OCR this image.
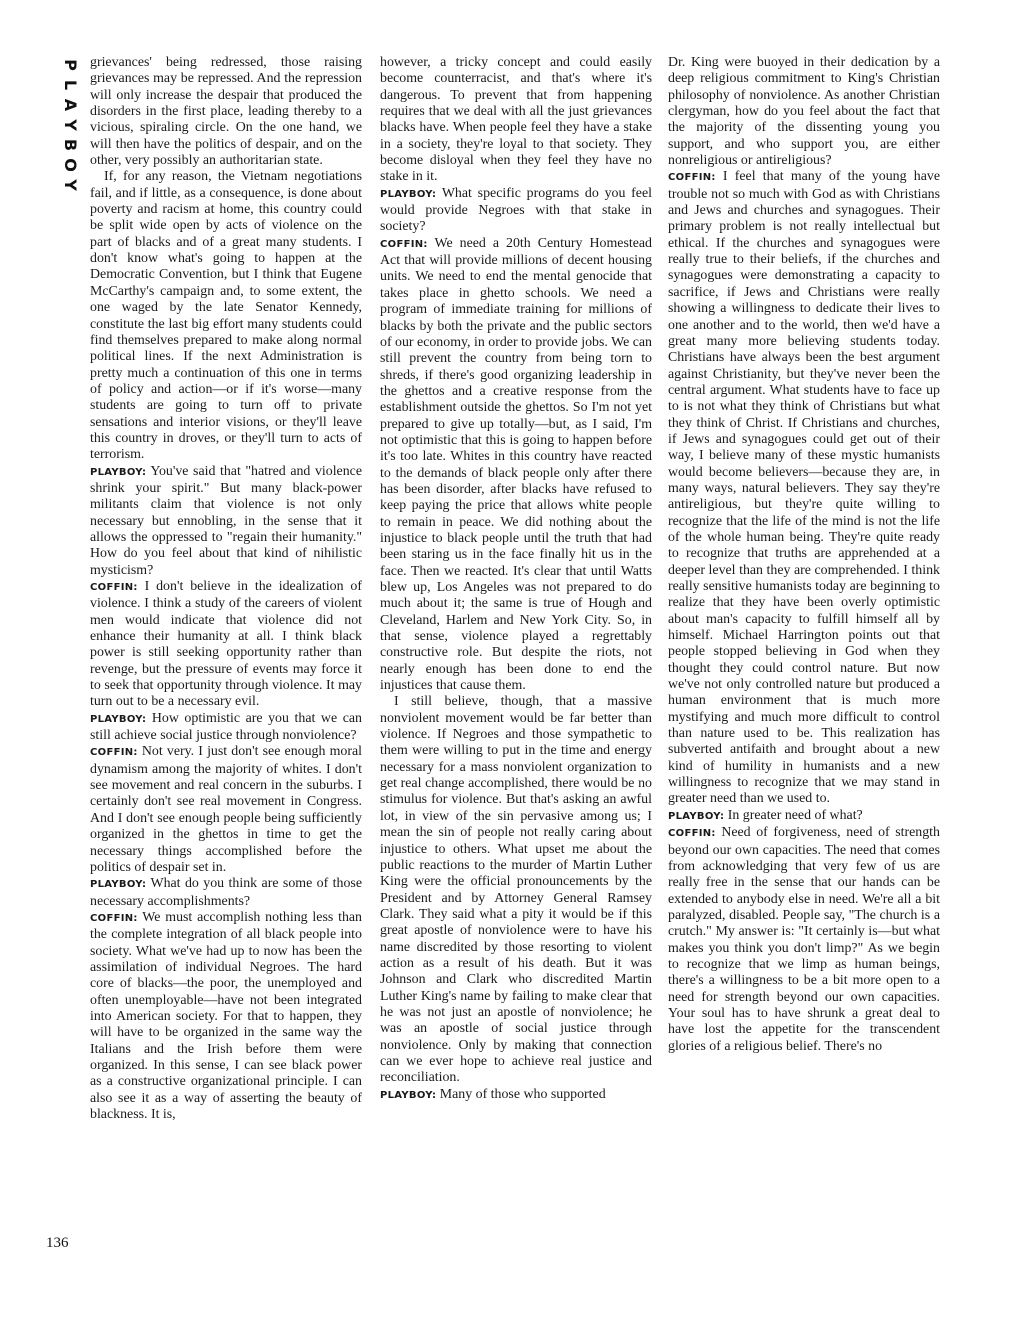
P
L
A
Y
B
O
Y
136

grievances' being redressed, those raising grievances may be repressed. And the repression will only increase the despair that produced the disorders in the first place, leading thereby to a vicious, spiraling circle. On the one hand, we will then have the politics of despair, and on the other, very possibly an authoritarian state.

If, for any reason, the Vietnam negotiations fail, and if little, as a consequence, is done about poverty and racism at home, this country could be split wide open by acts of violence on the part of blacks and of a great many students. I don't know what's going to happen at the Democratic Convention, but I think that Eugene McCarthy's campaign and, to some extent, the one waged by the late Senator Kennedy, constitute the last big effort many students could find themselves prepared to make along normal political lines. If the next Administration is pretty much a continuation of this one in terms of policy and action—or if it's worse—many students are going to turn off to private sensations and interior visions, or they'll leave this country in droves, or they'll turn to acts of terrorism.

PLAYBOY: You've said that "hatred and violence shrink your spirit." But many black-power militants claim that violence is not only necessary but ennobling, in the sense that it allows the oppressed to "regain their humanity." How do you feel about that kind of nihilistic mysticism?

COFFIN: I don't believe in the idealization of violence. I think a study of the careers of violent men would indicate that violence did not enhance their humanity at all. I think black power is still seeking opportunity rather than revenge, but the pressure of events may force it to seek that opportunity through violence. It may turn out to be a necessary evil.

PLAYBOY: How optimistic are you that we can still achieve social justice through nonviolence?

COFFIN: Not very. I just don't see enough moral dynamism among the majority of whites. I don't see movement and real concern in the suburbs. I certainly don't see real movement in Congress. And I don't see enough people being sufficiently organized in the ghettos in time to get the necessary things accomplished before the politics of despair set in.

PLAYBOY: What do you think are some of those necessary accomplishments?

COFFIN: We must accomplish nothing less than the complete integration of all black people into society. What we've had up to now has been the assimilation of individual Negroes. The hard core of blacks—the poor, the unemployed and often unemployable—have not been integrated into American society. For that to happen, they will have to be organized in the same way the Italians and the Irish before them were organized. In this sense, I can see black power as a constructive organizational principle. I can also see it as a way of asserting the beauty of blackness. It is,

however, a tricky concept and could easily become counterracist, and that's where it's dangerous. To prevent that from happening requires that we deal with all the just grievances blacks have. When people feel they have a stake in a society, they're loyal to that society. They become disloyal when they feel they have no stake in it.

PLAYBOY: What specific programs do you feel would provide Negroes with that stake in society?

COFFIN: We need a 20th Century Homestead Act that will provide millions of decent housing units. We need to end the mental genocide that takes place in ghetto schools. We need a program of immediate training for millions of blacks by both the private and the public sectors of our economy, in order to provide jobs. We can still prevent the country from being torn to shreds, if there's good organizing leadership in the ghettos and a creative response from the establishment outside the ghettos. So I'm not yet prepared to give up totally—but, as I said, I'm not optimistic that this is going to happen before it's too late. Whites in this country have reacted to the demands of black people only after there has been disorder, after blacks have refused to keep paying the price that allows white people to remain in peace. We did nothing about the injustice to black people until the truth that had been staring us in the face finally hit us in the face. Then we reacted. It's clear that until Watts blew up, Los Angeles was not prepared to do much about it; the same is true of Hough and Cleveland, Harlem and New York City. So, in that sense, violence played a regrettably constructive role. But despite the riots, not nearly enough has been done to end the injustices that cause them.

I still believe, though, that a massive nonviolent movement would be far better than violence. If Negroes and those sympathetic to them were willing to put in the time and energy necessary for a mass nonviolent organization to get real change accomplished, there would be no stimulus for violence. But that's asking an awful lot, in view of the sin pervasive among us; I mean the sin of people not really caring about injustice to others. What upset me about the public reactions to the murder of Martin Luther King were the official pronouncements by the President and by Attorney General Ramsey Clark. They said what a pity it would be if this great apostle of nonviolence were to have his name discredited by those resorting to violent action as a result of his death. But it was Johnson and Clark who discredited Martin Luther King's name by failing to make clear that he was not just an apostle of nonviolence; he was an apostle of social justice through nonviolence. Only by making that connection can we ever hope to achieve real justice and reconciliation.

PLAYBOY: Many of those who supported

Dr. King were buoyed in their dedication by a deep religious commitment to King's Christian philosophy of nonviolence. As another Christian clergyman, how do you feel about the fact that the majority of the dissenting young you support, and who support you, are either nonreligious or antireligious?

COFFIN: I feel that many of the young have trouble not so much with God as with Christians and Jews and churches and synagogues. Their primary problem is not really intellectual but ethical. If the churches and synagogues were really true to their beliefs, if the churches and synagogues were demonstrating a capacity to sacrifice, if Jews and Christians were really showing a willingness to dedicate their lives to one another and to the world, then we'd have a great many more believing students today. Christians have always been the best argument against Christianity, but they've never been the central argument. What students have to face up to is not what they think of Christians but what they think of Christ. If Christians and churches, if Jews and synagogues could get out of their way, I believe many of these mystic humanists would become believers—because they are, in many ways, natural believers. They say they're antireligious, but they're quite willing to recognize that the life of the mind is not the life of the whole human being. They're quite ready to recognize that truths are apprehended at a deeper level than they are comprehended. I think really sensitive humanists today are beginning to realize that they have been overly optimistic about man's capacity to fulfill himself all by himself. Michael Harrington points out that people stopped believing in God when they thought they could control nature. But now we've not only controlled nature but produced a human environment that is much more mystifying and much more difficult to control than nature used to be. This realization has subverted antifaith and brought about a new kind of humility in humanists and a new willingness to recognize that we may stand in greater need than we used to.

PLAYBOY: In greater need of what?

COFFIN: Need of forgiveness, need of strength beyond our own capacities. The need that comes from acknowledging that very few of us are really free in the sense that our hands can be extended to anybody else in need. We're all a bit paralyzed, disabled. People say, "The church is a crutch." My answer is: "It certainly is—but what makes you think you don't limp?" As we begin to recognize that we limp as human beings, there's a willingness to be a bit more open to a need for strength beyond our own capacities. Your soul has to have shrunk a great deal to have lost the appetite for the transcendent glories of a religious belief. There's no
